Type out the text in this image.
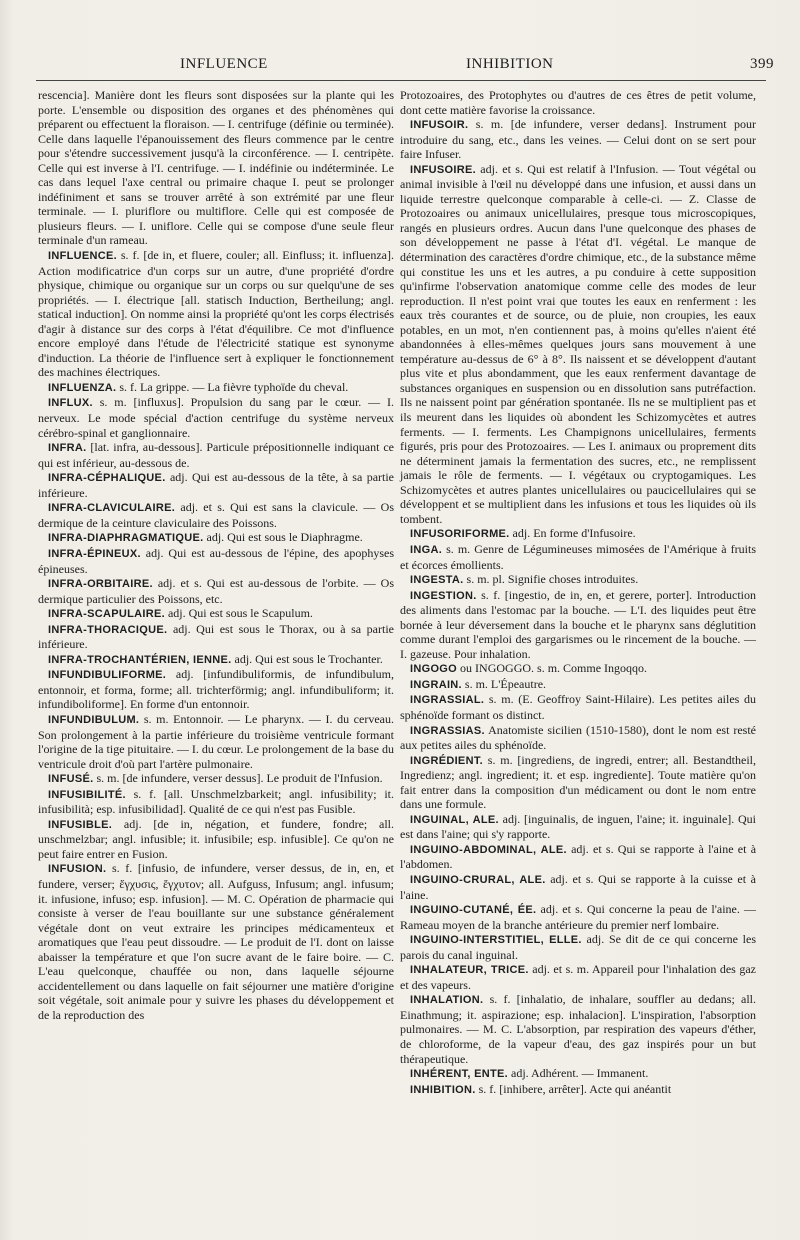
INFLUENCE	INHIBITION	399

rescencia]. Manière dont les fleurs sont disposées sur la plante qui les porte. L'ensemble ou disposition des organes et des phénomènes qui préparent ou effectuent la floraison. — I. centrifuge (définie ou terminée). Celle dans laquelle l'épanouissement des fleurs commence par le centre pour s'étendre successivement jusqu'à la circonférence. — I. centripète. Celle qui est inverse à l'I. centrifuge. — I. indéfinie ou indéterminée. Le cas dans lequel l'axe central ou primaire chaque I. peut se prolonger indéfiniment et sans se trouver arrêté à son extrémité par une fleur terminale. — I. pluriflore ou multiflore. Celle qui est composée de plusieurs fleurs. — I. uniflore. Celle qui se compose d'une seule fleur terminale d'un rameau.

INFLUENCE. s. f. [de in, et fluere, couler; all. Einfluss; it. influenza]. Action modificatrice d'un corps sur un autre, d'une propriété d'ordre physique, chimique ou organique sur un corps ou sur quelqu'une de ses propriétés. — I. électrique [all. statisch Induction, Bertheilung; angl. statical induction]. On nomme ainsi la propriété qu'ont les corps électrisés d'agir à distance sur des corps à l'état d'équilibre. Ce mot d'influence encore employé dans l'étude de l'électricité statique est synonyme d'induction. La théorie de l'influence sert à expliquer le fonctionnement des machines électriques.

INFLUENZA. s. f. La grippe. — La fièvre typhoïde du cheval.

INFLUX. s. m. [influxus]. Propulsion du sang par le cœur. — I. nerveux. Le mode spécial d'action centrifuge du système nerveux cérébro-spinal et ganglionnaire.

INFRA. [lat. infra, au-dessous]. Particule prépositionnelle indiquant ce qui est inférieur, au-dessous de.

INFRA-CÉPHALIQUE. adj. Qui est au-dessous de la tête, à sa partie inférieure.

INFRA-CLAVICULAIRE. adj. et s. Qui est sans la clavicule. — Os dermique de la ceinture claviculaire des Poissons.

INFRA-DIAPHRAGMATIQUE. adj. Qui est sous le Diaphragme.

INFRA-ÉPINEUX. adj. Qui est au-dessous de l'épine, des apophyses épineuses.

INFRA-ORBITAIRE. adj. et s. Qui est au-dessous de l'orbite. — Os dermique particulier des Poissons, etc.

INFRA-SCAPULAIRE. adj. Qui est sous le Scapulum.

INFRA-THORACIQUE. adj. Qui est sous le Thorax, ou à sa partie inférieure.

INFRA-TROCHANTÉRIEN, IENNE. adj. Qui est sous le Trochanter.

INFUNDIBULIFORME. adj. [infundibuliformis, de infundibulum, entonnoir, et forma, forme; all. trichterförmig; angl. infundibuliform; it. infundiboliforme]. En forme d'un entonnoir.

INFUNDIBULUM. s. m. Entonnoir. — Le pharynx. — I. du cerveau. Son prolongement à la partie inférieure du troisième ventricule formant l'origine de la tige pituitaire. — I. du cœur. Le prolongement de la base du ventricule droit d'où part l'artère pulmonaire.

INFUSÉ. s. m. [de infundere, verser dessus]. Le produit de l'Infusion.

INFUSIBILITÉ. s. f. [all. Unschmelzbarkeit; angl. infusibility; it. infusibilità; esp. infusibilidad]. Qualité de ce qui n'est pas Fusible.

INFUSIBLE. adj. [de in, négation, et fundere, fondre; all. unschmelzbar; angl. infusible; it. infusibile; esp. infusible]. Ce qu'on ne peut faire entrer en Fusion.

INFUSION. s. f. [infusio, de infundere, verser dessus, de in, en, et fundere, verser; ἔγχυσις, ἔγχυτον; all. Aufguss, Infusum; angl. infusum; it. infusione, infuso; esp. infusion]. — M. C. Opération de pharmacie qui consiste à verser de l'eau bouillante sur une substance généralement végétale dont on veut extraire les principes médicamenteux et aromatiques que l'eau peut dissoudre. — Le produit de l'I. dont on laisse abaisser la température et que l'on sucre avant de le faire boire. — C. L'eau quelconque, chauffée ou non, dans laquelle séjourne accidentellement ou dans laquelle on fait séjourner une matière d'origine soit végétale, soit animale pour y suivre les phases du développement et de la reproduction des

Protozoaires, des Protophytes ou d'autres de ces êtres de petit volume, dont cette matière favorise la croissance.

INFUSOIR. s. m. [de infundere, verser dedans]. Instrument pour introduire du sang, etc., dans les veines. — Celui dont on se sert pour faire Infuser.

INFUSOIRE. adj. et s. Qui est relatif à l'Infusion. — Tout végétal ou animal invisible à l'œil nu développé dans une infusion, et aussi dans un liquide terrestre quelconque comparable à celle-ci. — Z. Classe de Protozoaires ou animaux unicellulaires, presque tous microscopiques, rangés en plusieurs ordres. Aucun dans l'une quelconque des phases de son développement ne passe à l'état d'I. végétal. Le manque de détermination des caractères d'ordre chimique, etc., de la substance même qui constitue les uns et les autres, a pu conduire à cette supposition qu'infirme l'observation anatomique comme celle des modes de leur reproduction. Il n'est point vrai que toutes les eaux en renferment : les eaux très courantes et de source, ou de pluie, non croupies, les eaux potables, en un mot, n'en contiennent pas, à moins qu'elles n'aient été abandonnées à elles-mêmes quelques jours sans mouvement à une température au-dessus de 6° à 8°. Ils naissent et se développent d'autant plus vite et plus abondamment, que les eaux renferment davantage de substances organiques en suspension ou en dissolution sans putréfaction. Ils ne naissent point par génération spontanée. Ils ne se multiplient pas et ils meurent dans les liquides où abondent les Schizomycètes et autres ferments. — I. ferments. Les Champignons unicellulaires, ferments figurés, pris pour des Protozoaires. — Les I. animaux ou proprement dits ne déterminent jamais la fermentation des sucres, etc., ne remplissent jamais le rôle de ferments. — I. végétaux ou cryptogamiques. Les Schizomycètes et autres plantes unicellulaires ou paucicellulaires qui se développent et se multiplient dans les infusions et tous les liquides où ils tombent.

INFUSORIFORME. adj. En forme d'Infusoire.

INGA. s. m. Genre de Légumineuses mimosées de l'Amérique à fruits et écorces émollients.

INGESTA. s. m. pl. Signifie choses introduites.

INGESTION. s. f. [ingestio, de in, en, et gerere, porter]. Introduction des aliments dans l'estomac par la bouche. — L'I. des liquides peut être bornée à leur déversement dans la bouche et le pharynx sans déglutition comme durant l'emploi des gargarismes ou le rincement de la bouche. — I. gazeuse. Pour inhalation.

INGOGO ou INGOGGO. s. m. Comme Ingoqqo.

INGRAIN. s. m. L'Épeautre.

INGRASSIAL. s. m. (E. Geoffroy Saint-Hilaire). Les petites ailes du sphénoïde formant os distinct.

INGRASSIAS. Anatomiste sicilien (1510-1580), dont le nom est resté aux petites ailes du sphénoïde.

INGRÉDIENT. s. m. [ingrediens, de ingredi, entrer; all. Bestandtheil, Ingredienz; angl. ingredient; it. et esp. ingrediente]. Toute matière qu'on fait entrer dans la composition d'un médicament ou dont le nom entre dans une formule.

INGUINAL, ALE. adj. [inguinalis, de inguen, l'aine; it. inguinale]. Qui est dans l'aine; qui s'y rapporte.

INGUINO-ABDOMINAL, ALE. adj. et s. Qui se rapporte à l'aine et à l'abdomen.

INGUINO-CRURAL, ALE. adj. et s. Qui se rapporte à la cuisse et à l'aine.

INGUINO-CUTANÉ, ÉE. adj. et s. Qui concerne la peau de l'aine. — Rameau moyen de la branche antérieure du premier nerf lombaire.

INGUINO-INTERSTITIEL, ELLE. adj. Se dit de ce qui concerne les parois du canal inguinal.

INHALATEUR, TRICE. adj. et s. m. Appareil pour l'inhalation des gaz et des vapeurs.

INHALATION. s. f. [inhalatio, de inhalare, souffler au dedans; all. Einathmung; it. aspirazione; esp. inhalacion]. L'inspiration, l'absorption pulmonaires. — M. C. L'absorption, par respiration des vapeurs d'éther, de chloroforme, de la vapeur d'eau, des gaz inspirés pour un but thérapeutique.

INHÉRENT, ENTE. adj. Adhérent. — Immanent.

INHIBITION. s. f. [inhibere, arrêter]. Acte qui anéantit
